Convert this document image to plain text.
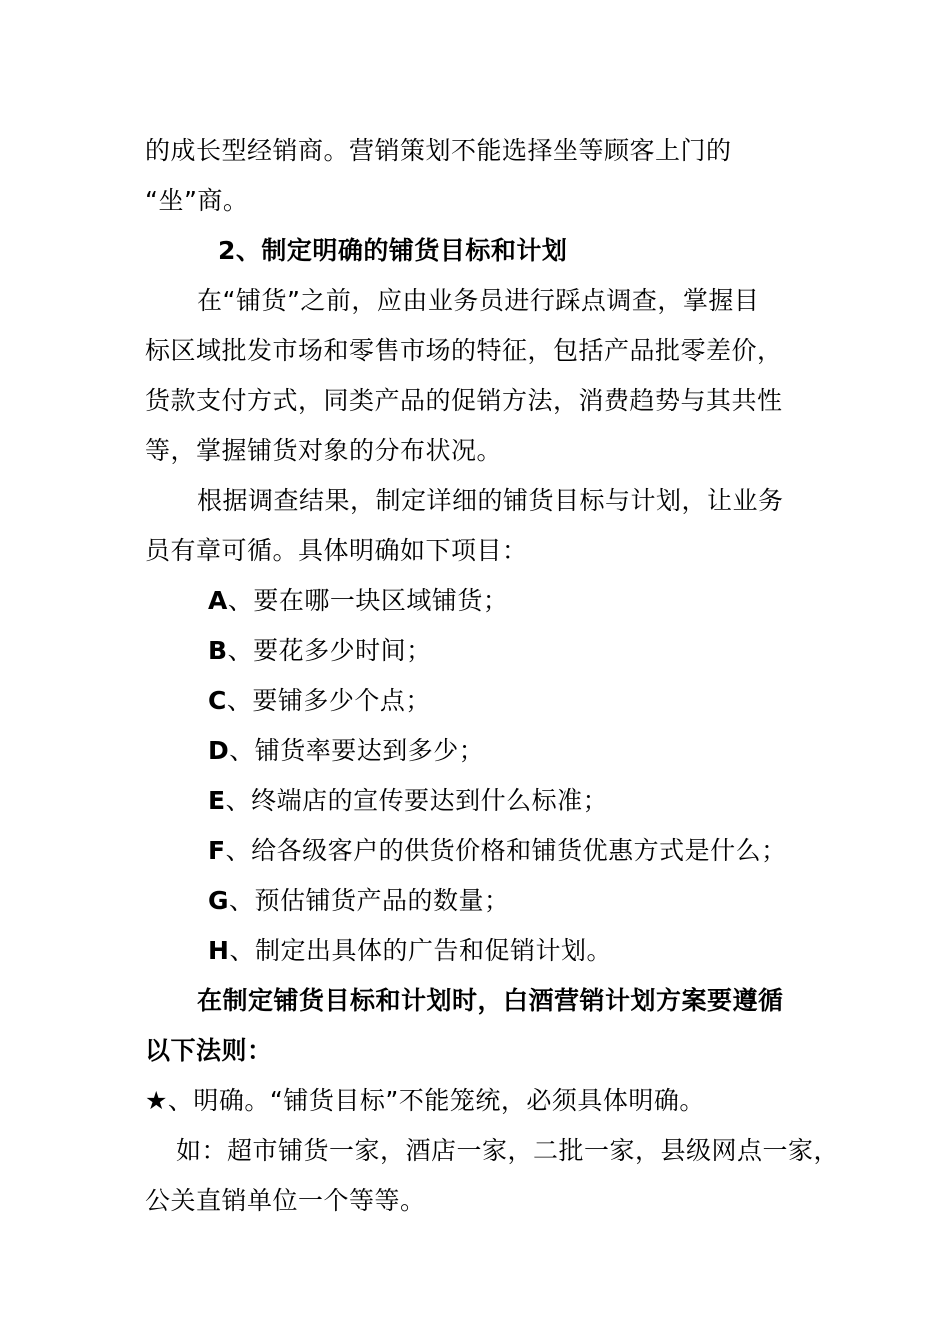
的成长型经销商。营销策划不能选择坐等顾客上门的
“坐”商。
2、制定明确的铺货目标和计划
在“铺货”之前，应由业务员进行踩点调查，掌握目
标区域批发市场和零售市场的特征，包括产品批零差价，
货款支付方式，同类产品的促销方法，消费趋势与其共性
等，掌握铺货对象的分布状况。
根据调查结果，制定详细的铺货目标与计划，让业务
员有章可循。具体明确如下项目：
A、要在哪一块区域铺货；
B、要花多少时间；
C、要铺多少个点；
D、铺货率要达到多少；
E、终端店的宣传要达到什么标准；
F、给各级客户的供货价格和铺货优惠方式是什么；
G、预估铺货产品的数量；
H、制定出具体的广告和促销计划。
在制定铺货目标和计划时，白酒营销计划方案要遵循
以下法则：
★、明确。“铺货目标”不能笼统，必须具体明确。
如：超市铺货一家，酒店一家，二批一家，县级网点一家，
公关直销单位一个等等。
